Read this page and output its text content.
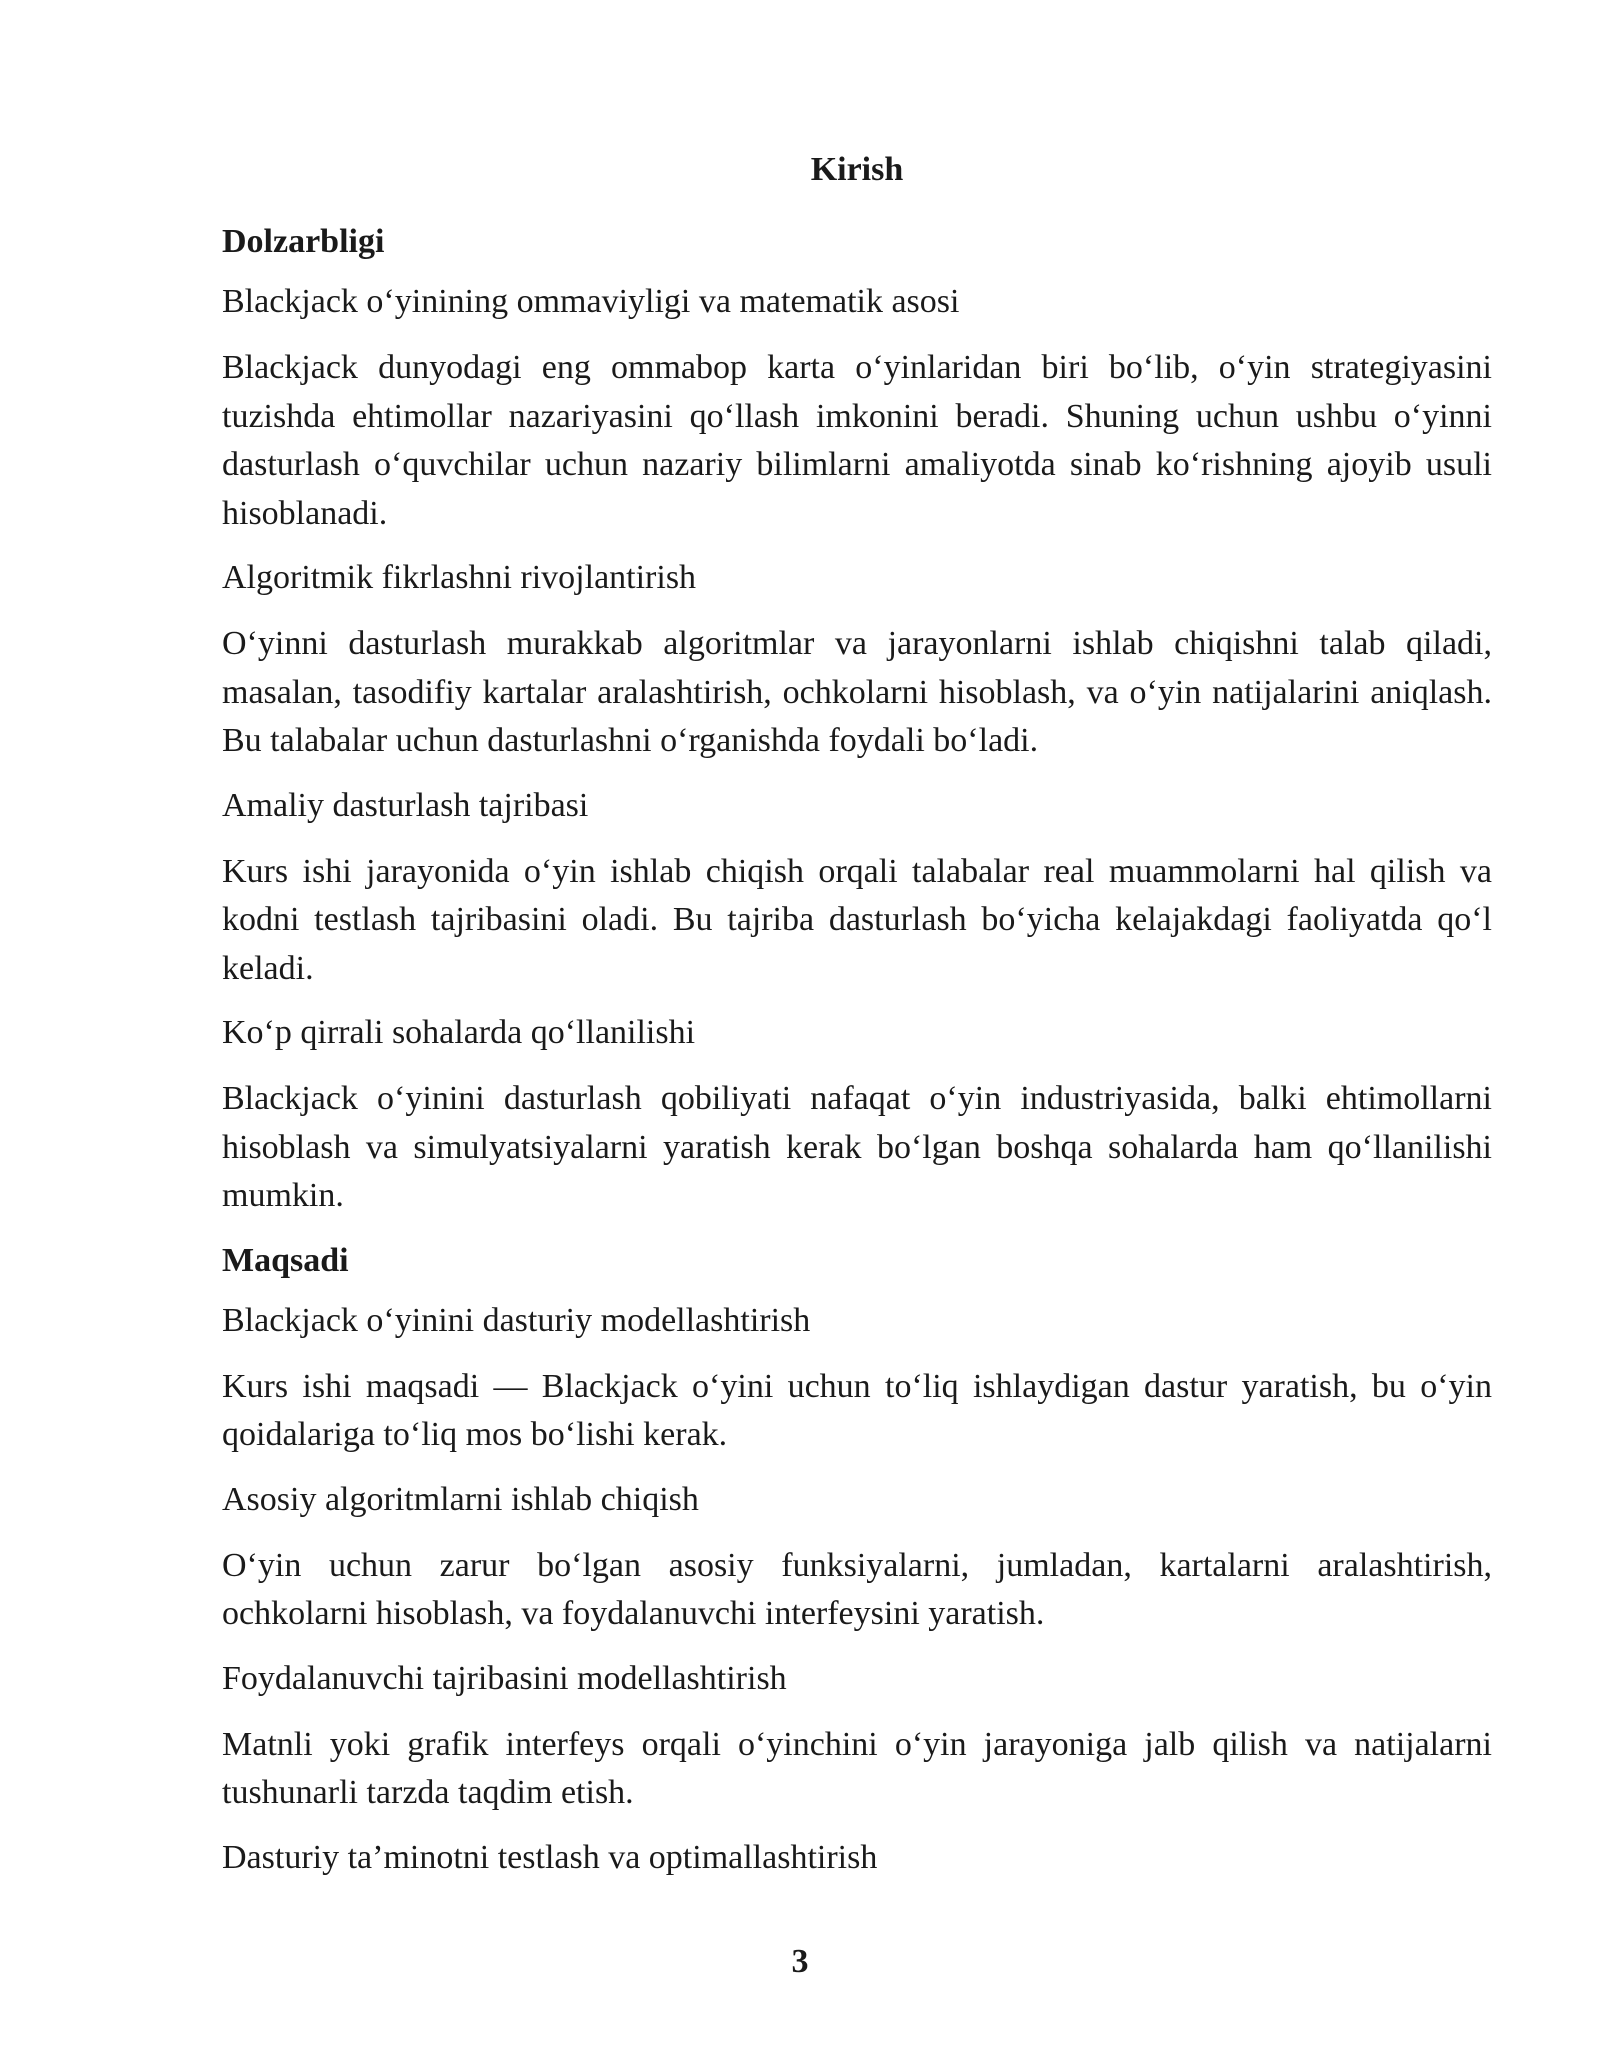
Kirish
Dolzarbligi
Blackjack o‘yinining ommaviyligi va matematik asosi
Blackjack dunyodagi eng ommabop karta o‘yinlaridan biri bo‘lib, o‘yin strategiyasini tuzishda ehtimollar nazariyasini qo‘llash imkonini beradi. Shuning uchun ushbu o‘yinni dasturlash o‘quvchilar uchun nazariy bilimlarni amaliyotda sinab ko‘rishning ajoyib usuli hisoblanadi.
Algoritmik fikrlashni rivojlantirish
O‘yinni dasturlash murakkab algoritmlar va jarayonlarni ishlab chiqishni talab qiladi, masalan, tasodifiy kartalar aralashtirish, ochkolarni hisoblash, va o‘yin natijalarini aniqlash. Bu talabalar uchun dasturlashni o‘rganishda foydali bo‘ladi.
Amaliy dasturlash tajribasi
Kurs ishi jarayonida o‘yin ishlab chiqish orqali talabalar real muammolarni hal qilish va kodni testlash tajribasini oladi. Bu tajriba dasturlash bo‘yicha kelajakdagi faoliyatda qo‘l keladi.
Ko‘p qirrali sohalarda qo‘llanilishi
Blackjack o‘yinini dasturlash qobiliyati nafaqat o‘yin industriyasida, balki ehtimollarni hisoblash va simulyatsiyalarni yaratish kerak bo‘lgan boshqa sohalarda ham qo‘llanilishi mumkin.
Maqsadi
Blackjack o‘yinini dasturiy modellashtirish
Kurs ishi maqsadi — Blackjack o‘yini uchun to‘liq ishlaydigan dastur yaratish, bu o‘yin qoidalariga to‘liq mos bo‘lishi kerak.
Asosiy algoritmlarni ishlab chiqish
O‘yin uchun zarur bo‘lgan asosiy funksiyalarni, jumladan, kartalarni aralashtirish, ochkolarni hisoblash, va foydalanuvchi interfeysini yaratish.
Foydalanuvchi tajribasini modellashtirish
Matnli yoki grafik interfeys orqali o‘yinchini o‘yin jarayoniga jalb qilish va natijalarni tushunarli tarzda taqdim etish.
Dasturiy ta’minotni testlash va optimallashtirish
3
